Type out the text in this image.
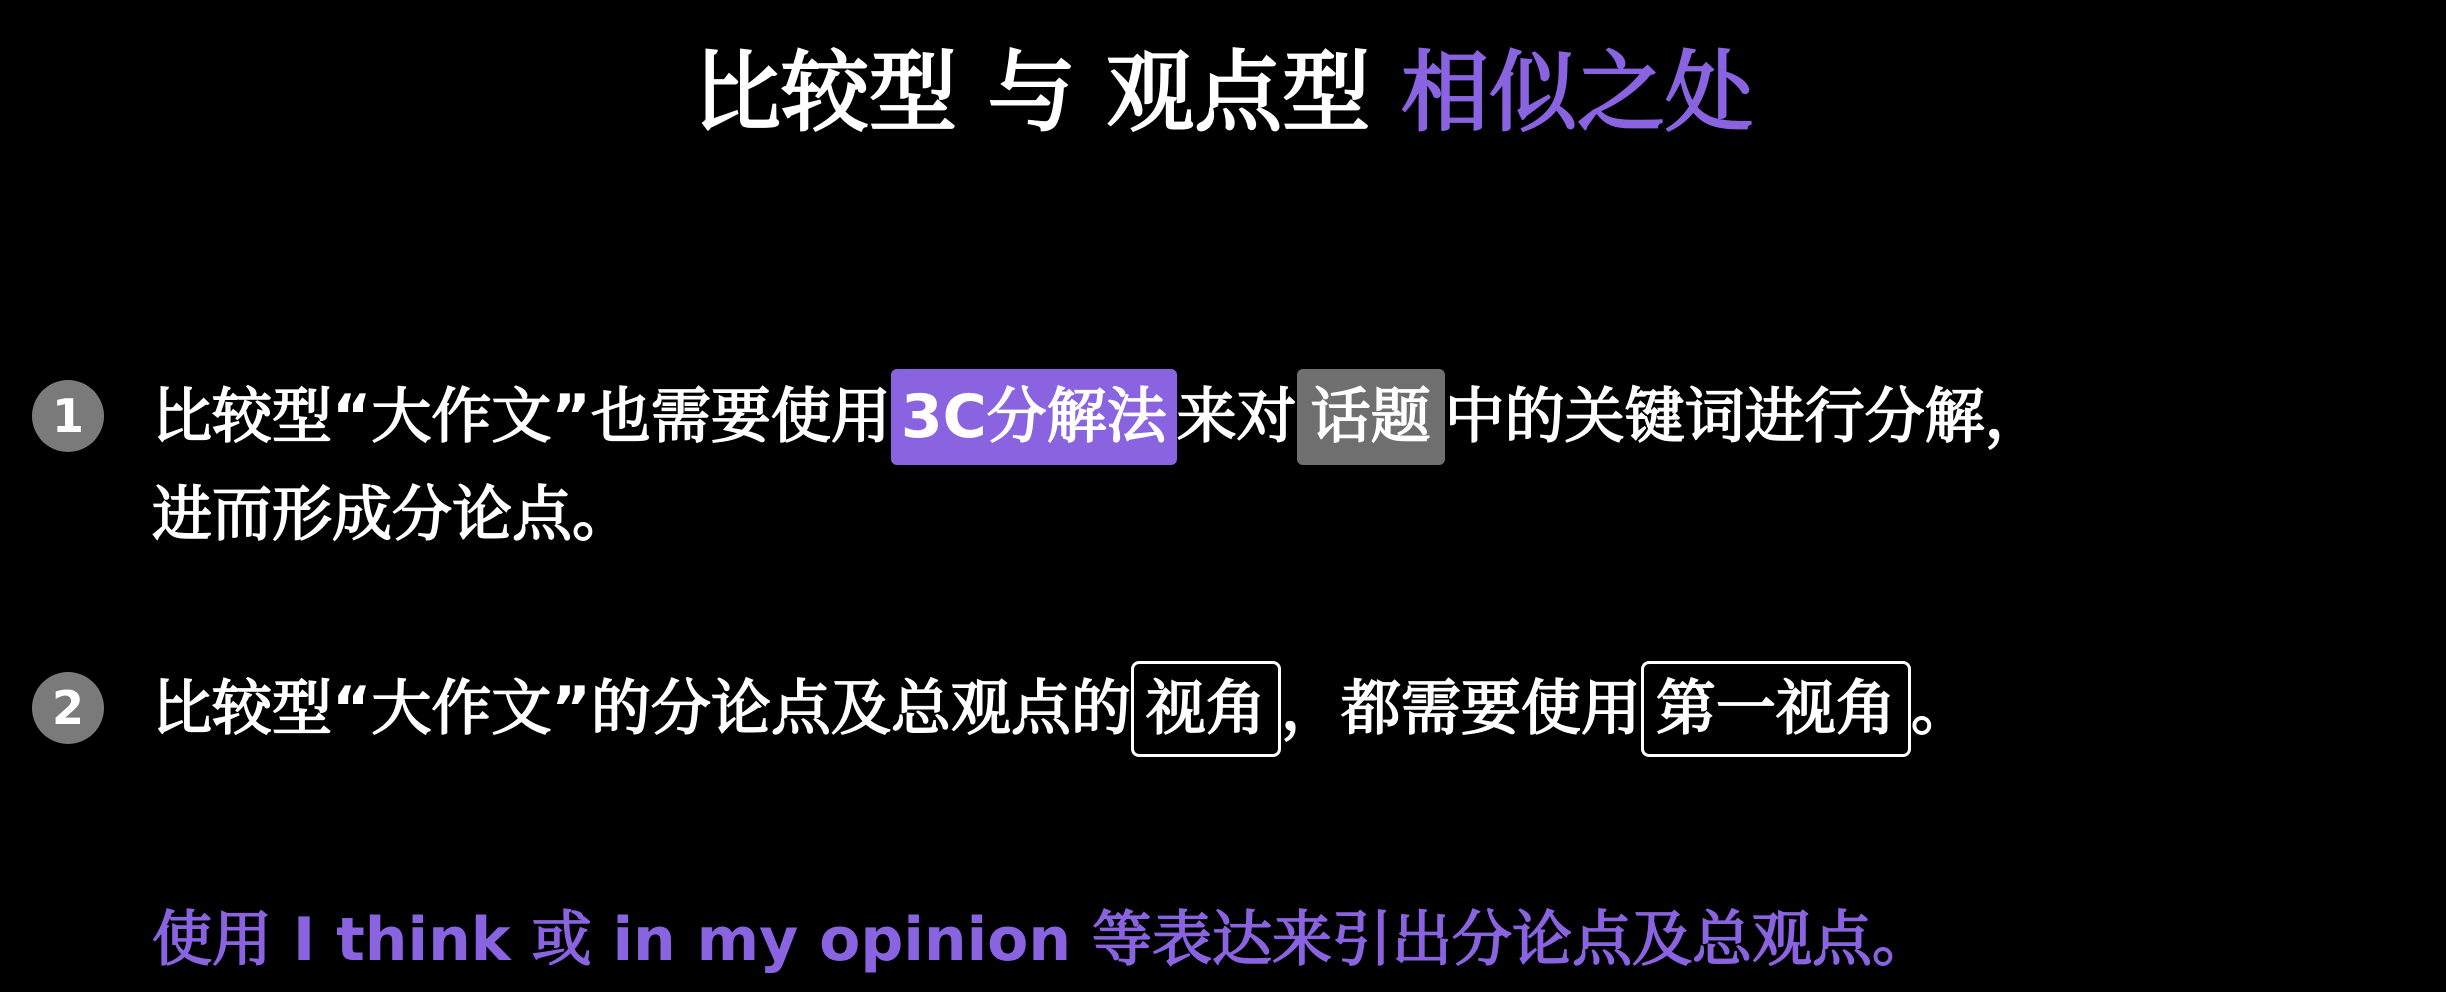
比较型 与 观点型 相似之处
1	比较型“大作文”也需要使用 3C分解法 来对 话题 中的关键词进行分解，
进而形成分论点。
2	比较型“大作文”的分论点及总观点的 视角 ，都需要使用 第一视角 。
使用 I think 或 in my opinion 等表达来引出分论点及总观点。
